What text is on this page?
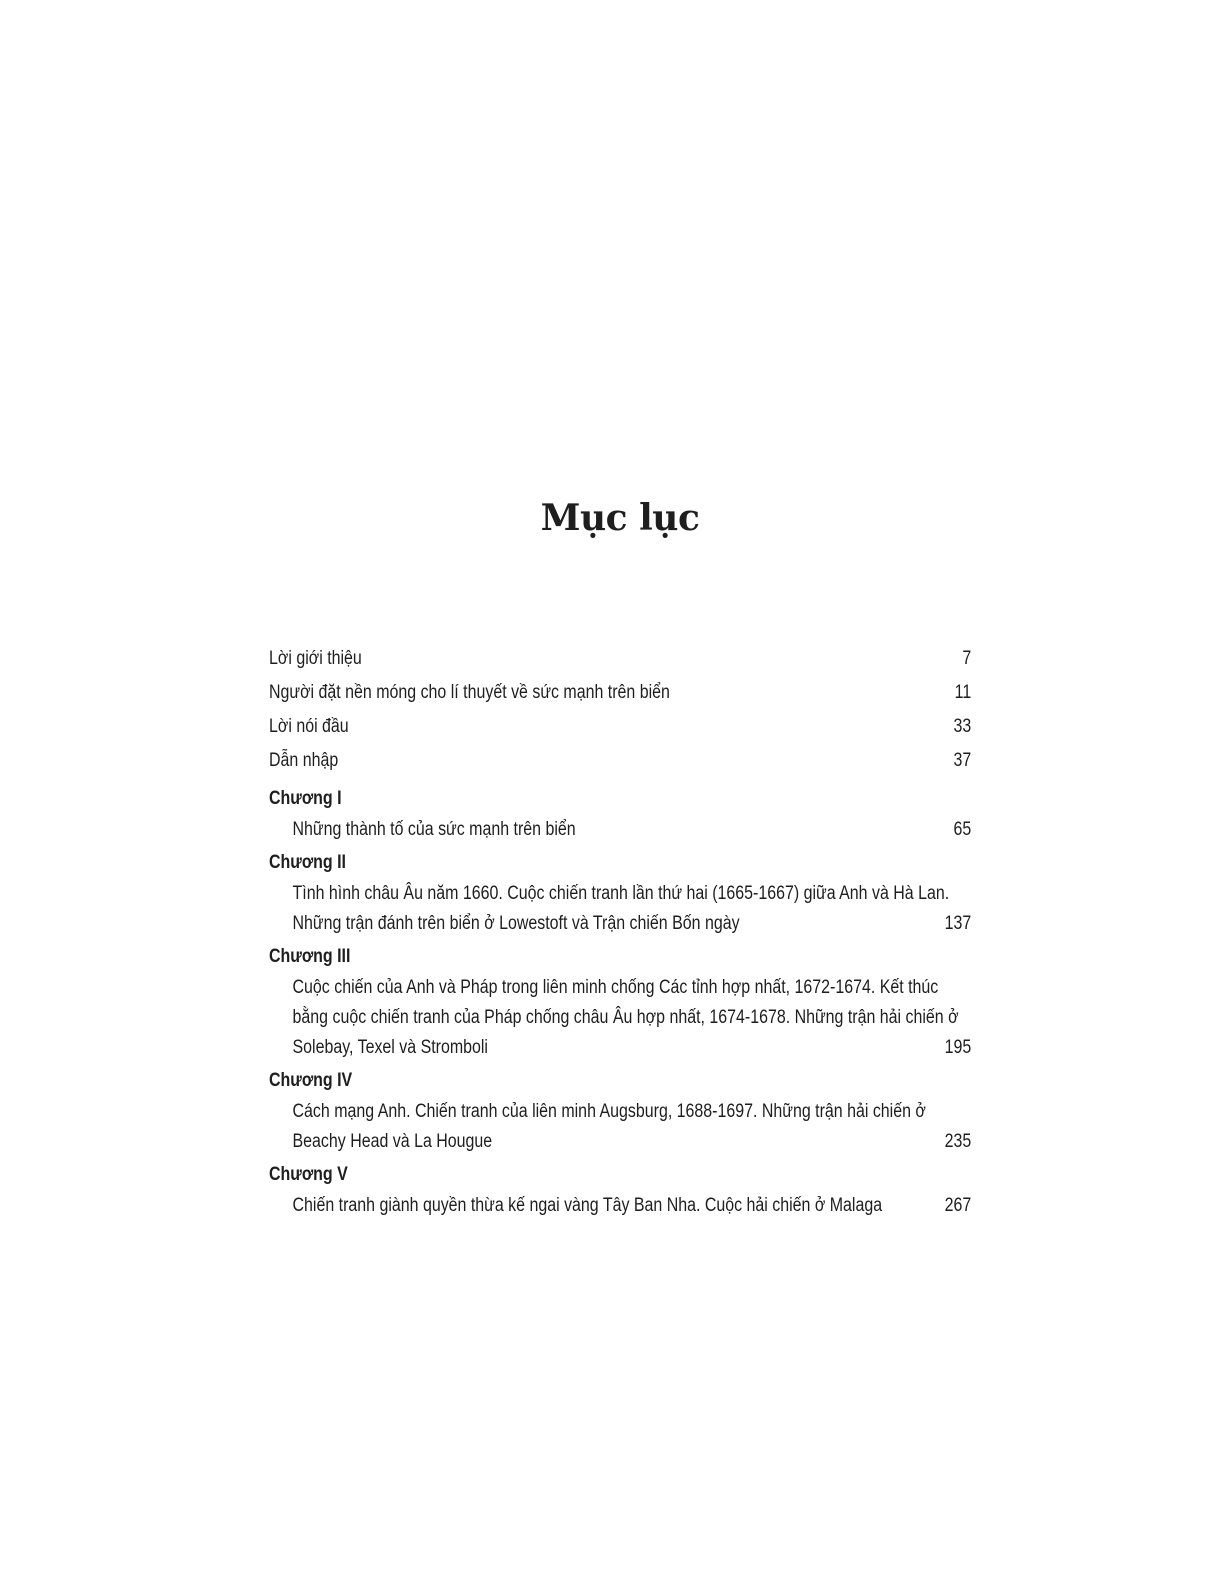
Mục lục
Lời giới thiệu	7
Người đặt nền móng cho lí thuyết về sức mạnh trên biển	11
Lời nói đầu	33
Dẫn nhập	37
Chương I
Những thành tố của sức mạnh trên biển	65
Chương II
Tình hình châu Âu năm 1660. Cuộc chiến tranh lần thứ hai (1665-1667) giữa Anh và Hà Lan.
Những trận đánh trên biển ở Lowestoft và Trận chiến Bốn ngày	137
Chương III
Cuộc chiến của Anh và Pháp trong liên minh chống Các tỉnh hợp nhất, 1672-1674. Kết thúc
bằng cuộc chiến tranh của Pháp chống châu Âu hợp nhất, 1674-1678. Những trận hải chiến ở
Solebay, Texel và Stromboli	195
Chương IV
Cách mạng Anh. Chiến tranh của liên minh Augsburg, 1688-1697. Những trận hải chiến ở
Beachy Head và La Hougue	235
Chương V
Chiến tranh giành quyền thừa kế ngai vàng Tây Ban Nha. Cuộc hải chiến ở Malaga	267
